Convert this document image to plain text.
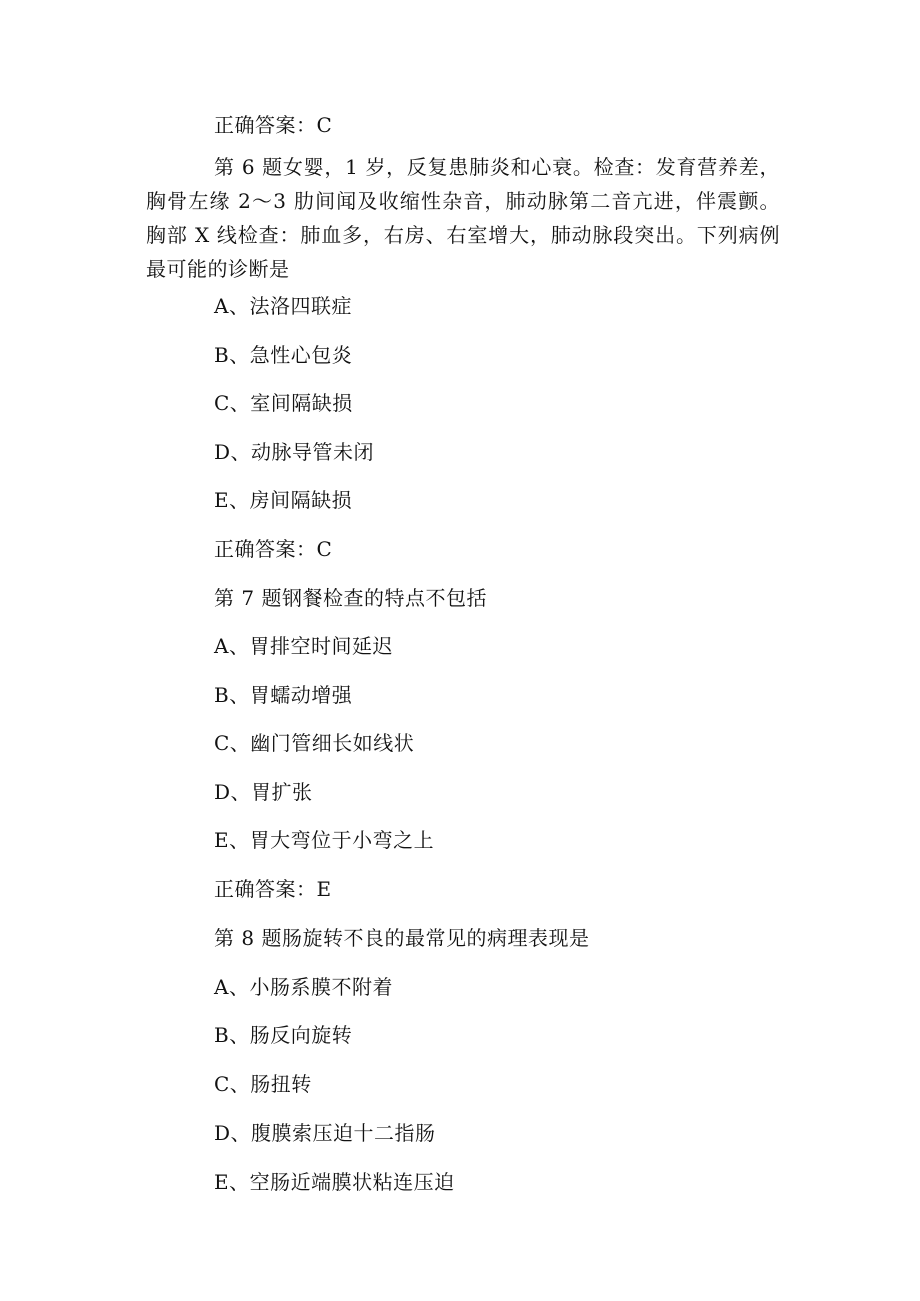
正确答案：C
第 6 题女婴，1 岁，反复患肺炎和心衰。检查：发育营养差，胸骨左缘 2～3 肋间闻及收缩性杂音，肺动脉第二音亢进，伴震颤。胸部 X 线检查：肺血多，右房、右室增大，肺动脉段突出。下列病例最可能的诊断是
A、法洛四联症
B、急性心包炎
C、室间隔缺损
D、动脉导管未闭
E、房间隔缺损
正确答案：C
第 7 题钢餐检查的特点不包括
A、胃排空时间延迟
B、胃蠕动增强
C、幽门管细长如线状
D、胃扩张
E、胃大弯位于小弯之上
正确答案：E
第 8 题肠旋转不良的最常见的病理表现是
A、小肠系膜不附着
B、肠反向旋转
C、肠扭转
D、腹膜索压迫十二指肠
E、空肠近端膜状粘连压迫
